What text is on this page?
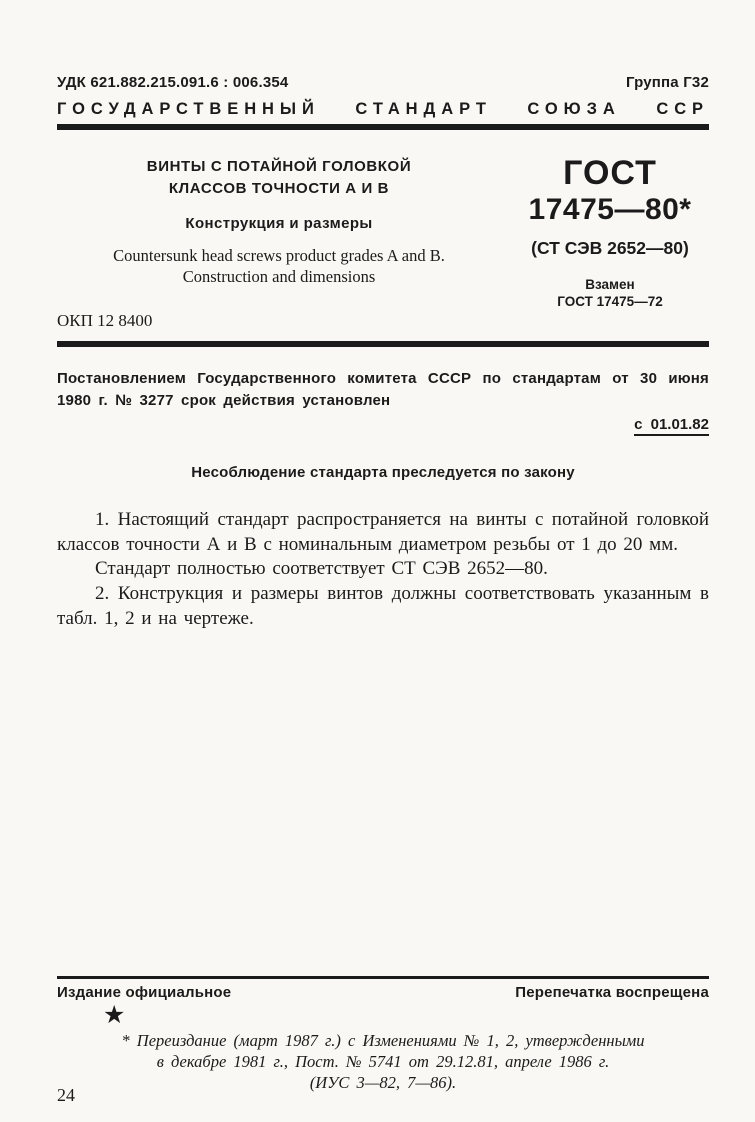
УДК 621.882.215.091.6 : 006.354	Группа Г32
ГОСУДАРСТВЕННЫЙ СТАНДАРТ СОЮЗА ССР
ВИНТЫ С ПОТАЙНОЙ ГОЛОВКОЙ
КЛАССОВ ТОЧНОСТИ А И В
Конструкция и размеры
Countersunk head screws product grades A and B.
Construction and dimensions
ОКП 12 8400
ГОСТ
17475—80*
(СТ СЭВ 2652—80)
Взамен
ГОСТ 17475—72
Постановлением Государственного комитета СССР по стандартам от 30 июня 1980 г. № 3277 срок действия установлен
с 01.01.82
Несоблюдение стандарта преследуется по закону

1. Настоящий стандарт распространяется на винты с потайной головкой классов точности А и В с номинальным диаметром резьбы от 1 до 20 мм.

Стандарт полностью соответствует СТ СЭВ 2652—80.

2. Конструкция и размеры винтов должны соответствовать указанным в табл. 1, 2 и на чертеже.

Издание официальное	Перепечатка воспрещена
★
* Переиздание (март 1987 г.) с Изменениями № 1, 2, утвержденными
в декабре 1981 г., Пост. № 5741 от 29.12.81, апреле 1986 г.
(ИУС 3—82, 7—86).
24
